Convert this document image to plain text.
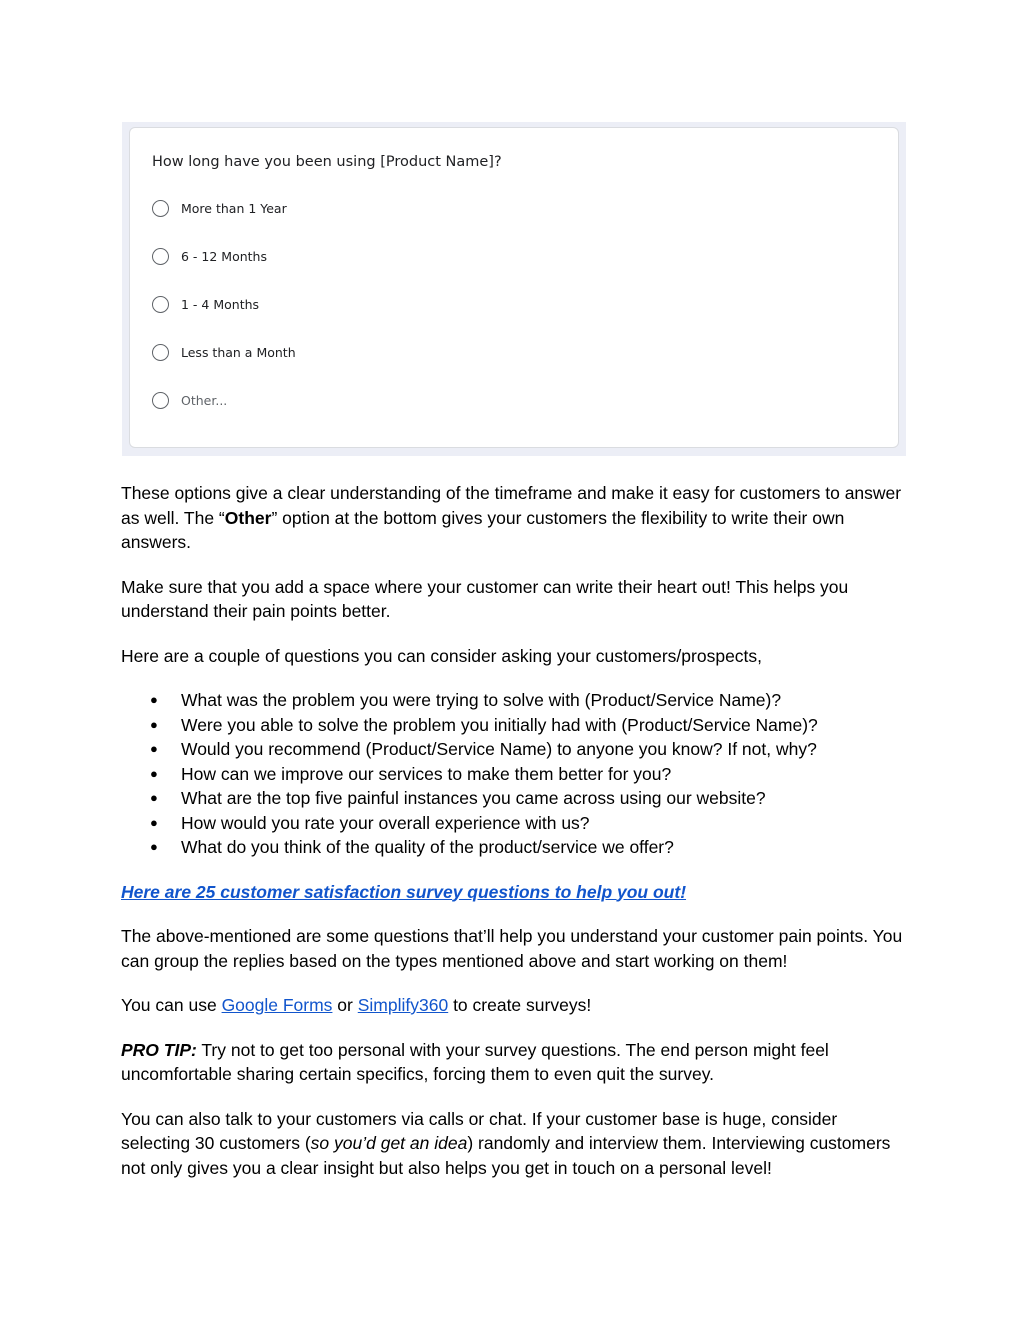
How long have you been using [Product Name]?
More than 1 Year
6 - 12 Months
1 - 4 Months
Less than a Month
Other...

These options give a clear understanding of the timeframe and make it easy for customers to answer as well. The “Other” option at the bottom gives your customers the flexibility to write their own answers.

Make sure that you add a space where your customer can write their heart out! This helps you understand their pain points better.

Here are a couple of questions you can consider asking your customers/prospects,

● What was the problem you were trying to solve with (Product/Service Name)?
● Were you able to solve the problem you initially had with (Product/Service Name)?
● Would you recommend (Product/Service Name) to anyone you know? If not, why?
● How can we improve our services to make them better for you?
● What are the top five painful instances you came across using our website?
● How would you rate your overall experience with us?
● What do you think of the quality of the product/service we offer?

Here are 25 customer satisfaction survey questions to help you out!

The above-mentioned are some questions that’ll help you understand your customer pain points. You can group the replies based on the types mentioned above and start working on them!

You can use Google Forms or Simplify360 to create surveys!

PRO TIP: Try not to get too personal with your survey questions. The end person might feel uncomfortable sharing certain specifics, forcing them to even quit the survey.

You can also talk to your customers via calls or chat. If your customer base is huge, consider selecting 30 customers (so you’d get an idea) randomly and interview them. Interviewing customers not only gives you a clear insight but also helps you get in touch on a personal level!
